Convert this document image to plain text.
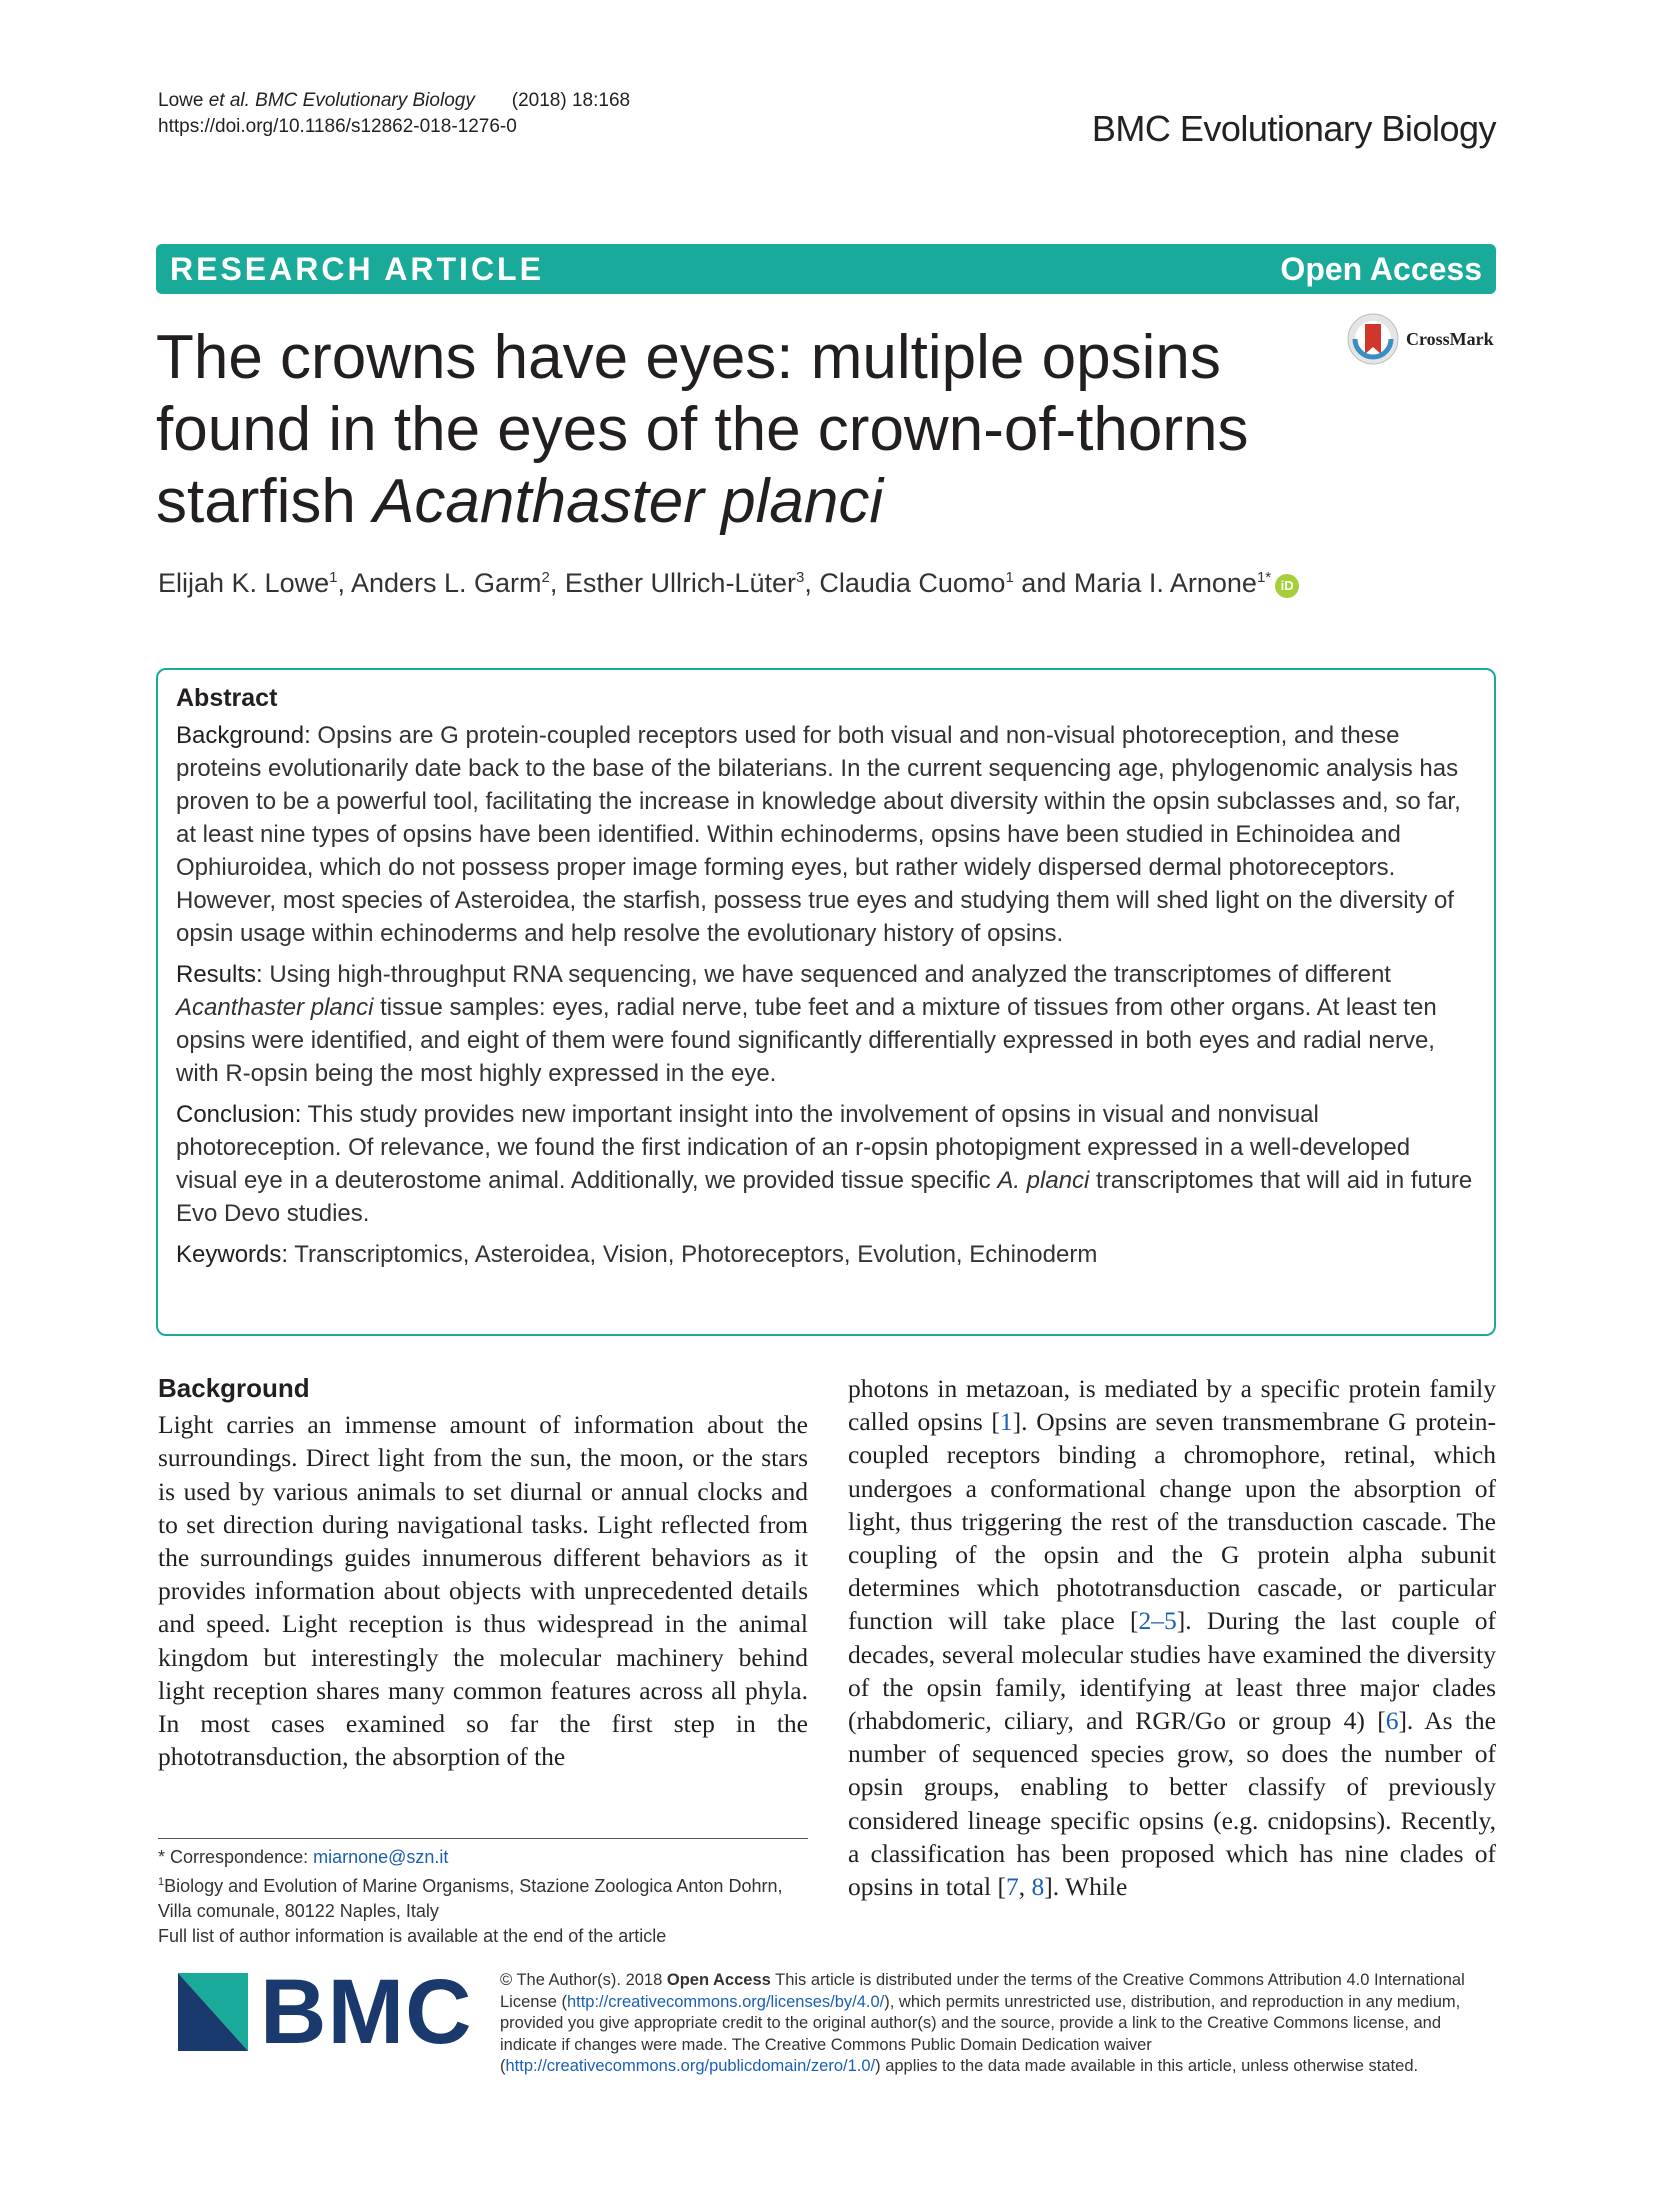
Lowe et al. BMC Evolutionary Biology (2018) 18:168
https://doi.org/10.1186/s12862-018-1276-0	BMC Evolutionary Biology
RESEARCH ARTICLE	Open Access
CrossMark
The crowns have eyes: multiple opsins
found in the eyes of the crown-of-thorns
starfish Acanthaster planci
Elijah K. Lowe$^1$, Anders L. Garm$^2$, Esther Ullrich-Lüter$^3$, Claudia Cuomo$^1$ and Maria I. Arnone$^{1*}$ iD
Abstract

Background: Opsins are G protein-coupled receptors used for both visual and non-visual photoreception, and these proteins evolutionarily date back to the base of the bilaterians. In the current sequencing age, phylogenomic analysis has proven to be a powerful tool, facilitating the increase in knowledge about diversity within the opsin subclasses and, so far, at least nine types of opsins have been identified. Within echinoderms, opsins have been studied in Echinoidea and Ophiuroidea, which do not possess proper image forming eyes, but rather widely dispersed dermal photoreceptors. However, most species of Asteroidea, the starfish, possess true eyes and studying them will shed light on the diversity of opsin usage within echinoderms and help resolve the evolutionary history of opsins.

Results: Using high-throughput RNA sequencing, we have sequenced and analyzed the transcriptomes of different Acanthaster planci tissue samples: eyes, radial nerve, tube feet and a mixture of tissues from other organs. At least ten opsins were identified, and eight of them were found significantly differentially expressed in both eyes and radial nerve, with R-opsin being the most highly expressed in the eye.

Conclusion: This study provides new important insight into the involvement of opsins in visual and nonvisual photoreception. Of relevance, we found the first indication of an r-opsin photopigment expressed in a well-developed visual eye in a deuterostome animal. Additionally, we provided tissue specific A. planci transcriptomes that will aid in future Evo Devo studies.

Keywords: Transcriptomics, Asteroidea, Vision, Photoreceptors, Evolution, Echinoderm

Background

Light carries an immense amount of information about the surroundings. Direct light from the sun, the moon, or the stars is used by various animals to set diurnal or annual clocks and to set direction during navigational tasks. Light reflected from the surroundings guides innumerous different behaviors as it provides information about objects with unprecedented details and speed. Light reception is thus widespread in the animal kingdom but interestingly the molecular machinery behind light reception shares many common features across all phyla. In most cases examined so far the first step in the phototransduction, the absorption of the

photons in metazoan, is mediated by a specific protein family called opsins [1]. Opsins are seven transmembrane G protein-coupled receptors binding a chromophore, retinal, which undergoes a conformational change upon the absorption of light, thus triggering the rest of the transduction cascade. The coupling of the opsin and the G protein alpha subunit determines which phototransduction cascade, or particular function will take place [2–5]. During the last couple of decades, several molecular studies have examined the diversity of the opsin family, identifying at least three major clades (rhabdomeric, ciliary, and RGR/Go or group 4) [6]. As the number of sequenced species grow, so does the number of opsin groups, enabling to better classify of previously considered lineage specific opsins (e.g. cnidopsins). Recently, a classification has been proposed which has nine clades of opsins in total [7, 8]. While

* Correspondence: miarnone@szn.it
$^1$Biology and Evolution of Marine Organisms, Stazione Zoologica Anton Dohrn, Villa comunale, 80122 Naples, Italy
Full list of author information is available at the end of the article
BMC © The Author(s). 2018 Open Access This article is distributed under the terms of the Creative Commons Attribution 4.0 International License (http://creativecommons.org/licenses/by/4.0/), which permits unrestricted use, distribution, and reproduction in any medium, provided you give appropriate credit to the original author(s) and the source, provide a link to the Creative Commons license, and indicate if changes were made. The Creative Commons Public Domain Dedication waiver (http://creativecommons.org/publicdomain/zero/1.0/) applies to the data made available in this article, unless otherwise stated.
